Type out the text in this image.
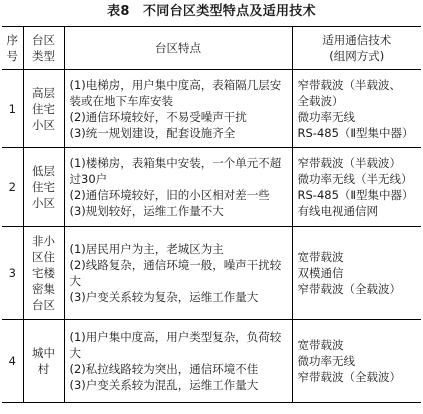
表8　不同台区类型特点及适用技术
序
号	台区
类型	台区特点	适用通信技术
(组网方式)

1	高层
住宅
小区	(1)电梯房，用户集中度高，表箱隔几层安装或在地下车库安装
(2)通信环境较好，不易受噪声干扰
(3)统一规划建设，配套设施齐全	窄带载波（半载波、
全载波）
微功率无线
RS-485（Ⅱ型集中器）

2	低层
住宅
小区	(1)楼梯房，表箱集中安装，一个单元不超过30户
(2)通信环境较好，旧的小区相对差一些
(3)规划较好，运维工作量不大	窄带载波（半载波）
微功率无线（半无线）
RS-485（Ⅱ型集中器）
有线电视通信网

3	非小
区住
宅楼
密集
台区	(1)居民用户为主，老城区为主
(2)线路复杂，通信环境一般，噪声干扰较大
(3)户变关系较为复杂，运维工作量大	宽带载波
双模通信
窄带载波（全载波）

4	城中
村	(1)用户集中度高，用户类型复杂，负荷较大
(2)私拉线路较为突出，通信环境不佳
(3)户变关系较为混乱，运维工作量大	宽带载波
微功率无线
窄带载波（全载波）
